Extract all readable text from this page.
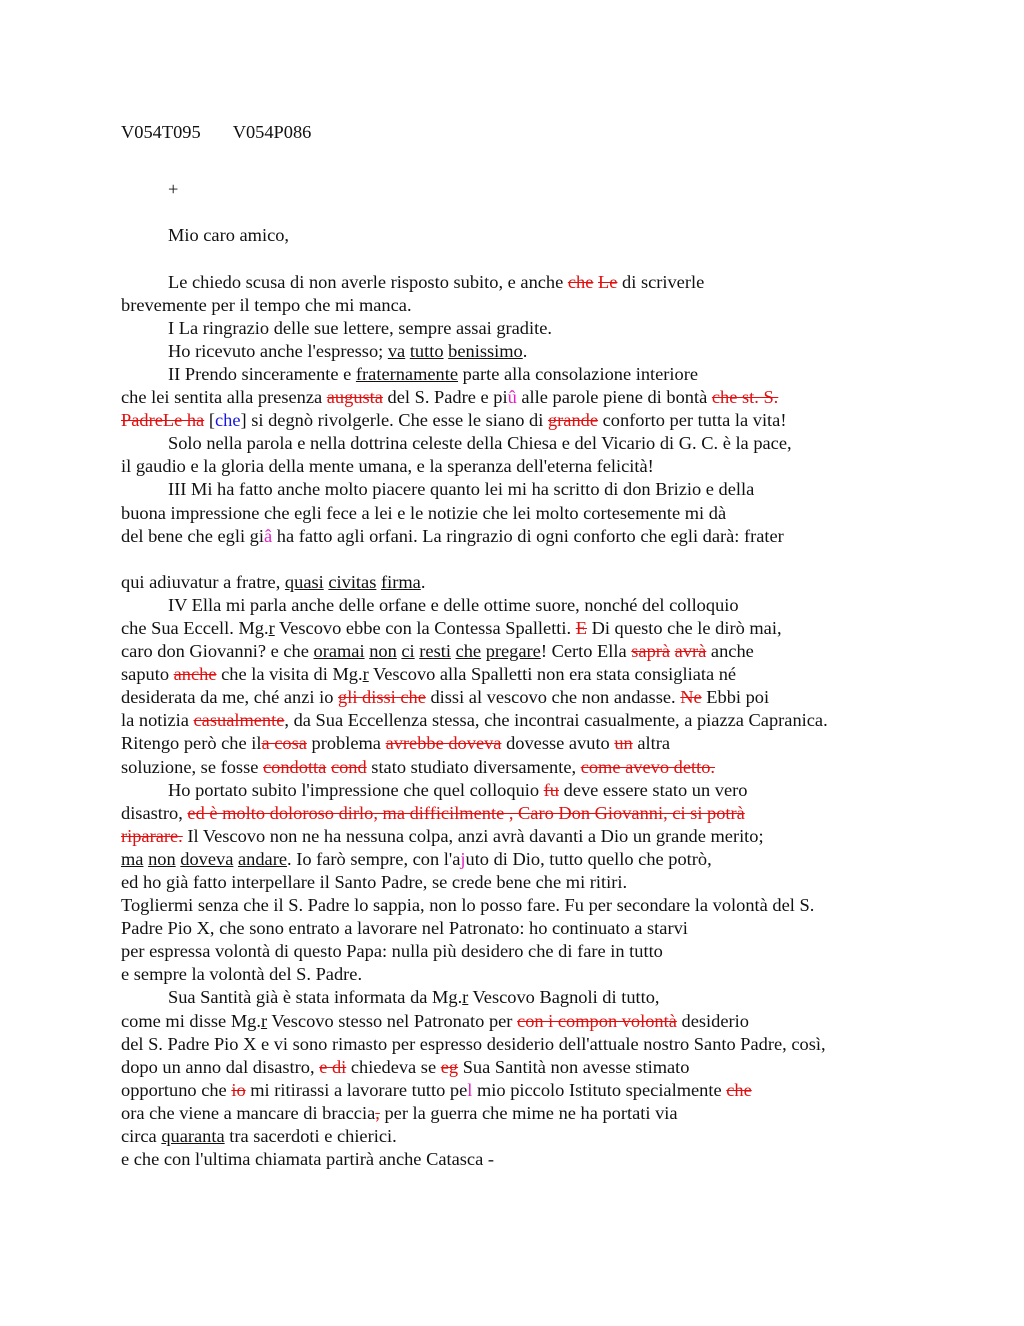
V054T095 V054P086
+
Mio caro amico,
Le chiedo scusa di non averle risposto subito, e anche che Le di scriverle
brevemente per il tempo che mi manca.
I La ringrazio delle sue lettere, sempre assai gradite.
Ho ricevuto anche l'espresso; va tutto benissimo.
II Prendo sinceramente e fraternamente parte alla consolazione interiore
che lei sentita alla presenza augusta del S. Padre e piû alle parole piene di bontà che st. S.
PadreLe ha [che] si degnò rivolgerle. Che esse le siano di grande conforto per tutta la vita!
Solo nella parola e nella dottrina celeste della Chiesa e del Vicario di G. C. è la pace,
il gaudio e la gloria della mente umana, e la speranza dell'eterna felicità!
III Mi ha fatto anche molto piacere quanto lei mi ha scritto di don Brizio e della
buona impressione che egli fece a lei e le notizie che lei molto cortesemente mi dà
del bene che egli giâ ha fatto agli orfani. La ringrazio di ogni conforto che egli darà: frater
qui adiuvatur a fratre, quasi civitas firma.
IV Ella mi parla anche delle orfane e delle ottime suore, nonché del colloquio
che Sua Eccell. Mg.r Vescovo ebbe con la Contessa Spalletti. E Di questo che le dirò mai,
caro don Giovanni? e che oramai non ci resti che pregare! Certo Ella saprà avrà anche
saputo anche che la visita di Mg.r Vescovo alla Spalletti non era stata consigliata né
desiderata da me, ché anzi io gli dissi che dissi al vescovo che non andasse. Ne Ebbi poi
la notizia casualmente, da Sua Eccellenza stessa, che incontrai casualmente, a piazza Capranica.
Ritengo però che ila cosa problema avrebbe doveva dovesse avuto un altra
soluzione, se fosse condotta cond stato studiato diversamente, come avevo detto.
Ho portato subito l'impressione che quel colloquio fu deve essere stato un vero
disastro, ed è molto doloroso dirlo, ma difficilmente , Caro Don Giovanni, ci si potrà
riparare. Il Vescovo non ne ha nessuna colpa, anzi avrà davanti a Dio un grande merito;
ma non doveva andare. Io farò sempre, con l'ajuto di Dio, tutto quello che potrò,
ed ho già fatto interpellare il Santo Padre, se crede bene che mi ritiri.
Togliermi senza che il S. Padre lo sappia, non lo posso fare. Fu per secondare la volontà del S.
Padre Pio X, che sono entrato a lavorare nel Patronato: ho continuato a starvi
per espressa volontà di questo Papa: nulla più desidero che di fare in tutto
e sempre la volontà del S. Padre.
Sua Santità già è stata informata da Mg.r Vescovo Bagnoli di tutto,
come mi disse Mg.r Vescovo stesso nel Patronato per con i compon volontà desiderio
del S. Padre Pio X e vi sono rimasto per espresso desiderio dell'attuale nostro Santo Padre, così,
dopo un anno dal disastro, e di chiedeva se eg Sua Santità non avesse stimato
opportuno che io mi ritirassi a lavorare tutto pel mio piccolo Istituto specialmente che
ora che viene a mancare di braccia, per la guerra che mime ne ha portati via
circa quaranta tra sacerdoti e chierici.
e che con l'ultima chiamata partirà anche Catasca -
